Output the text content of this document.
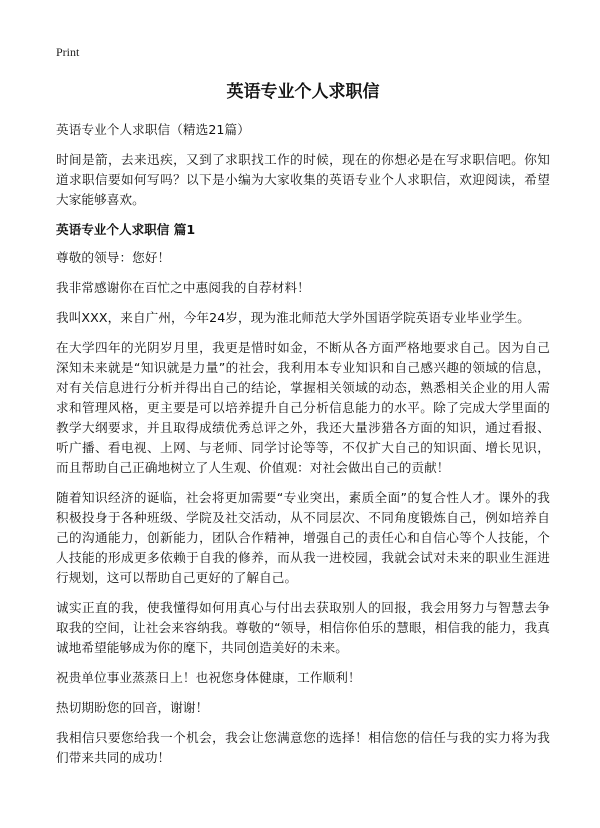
Print
英语专业个人求职信

英语专业个人求职信（精选21篇）

时间是箭，去来迅疾，又到了求职找工作的时候，现在的你想必是在写求职信吧。你知道求职信要如何写吗？以下是小编为大家收集的英语专业个人求职信，欢迎阅读，希望大家能够喜欢。

英语专业个人求职信 篇1

尊敬的领导：您好！

我非常感谢你在百忙之中惠阅我的自荐材料！

我叫XXX，来自广州，今年24岁，现为淮北师范大学外国语学院英语专业毕业学生。

在大学四年的光阴岁月里，我更是惜时如金，不断从各方面严格地要求自己。因为自己深知未来就是“知识就是力量”的社会，我利用本专业知识和自己感兴趣的领域的信息，对有关信息进行分析并得出自己的结论，掌握相关领域的动态，熟悉相关企业的用人需求和管理风格，更主要是可以培养提升自己分析信息能力的水平。除了完成大学里面的教学大纲要求，并且取得成绩优秀总评之外，我还大量涉猎各方面的知识，通过看报、听广播、看电视、上网、与老师、同学讨论等等，不仅扩大自己的知识面、增长见识，而且帮助自己正确地树立了人生观、价值观：对社会做出自己的贡献！

随着知识经济的诞临，社会将更加需要“专业突出，素质全面”的复合性人才。课外的我积极投身于各种班级、学院及社交活动，从不同层次、不同角度锻炼自己，例如培养自己的沟通能力，创新能力，团队合作精神，增强自己的责任心和自信心等个人技能，个人技能的形成更多依赖于自我的修养，而从我一进校园，我就会试对未来的职业生涯进行规划，这可以帮助自己更好的了解自己。

诚实正直的我，使我懂得如何用真心与付出去获取别人的回报，我会用努力与智慧去争取我的空间，让社会来容纳我。尊敬的“领导，相信你伯乐的慧眼，相信我的能力，我真诚地希望能够成为你的麾下，共同创造美好的未来。

祝贵单位事业蒸蒸日上！也祝您身体健康，工作顺利！

热切期盼您的回音，谢谢！

我相信只要您给我一个机会，我会让您满意您的选择！相信您的信任与我的实力将为我们带来共同的成功！
